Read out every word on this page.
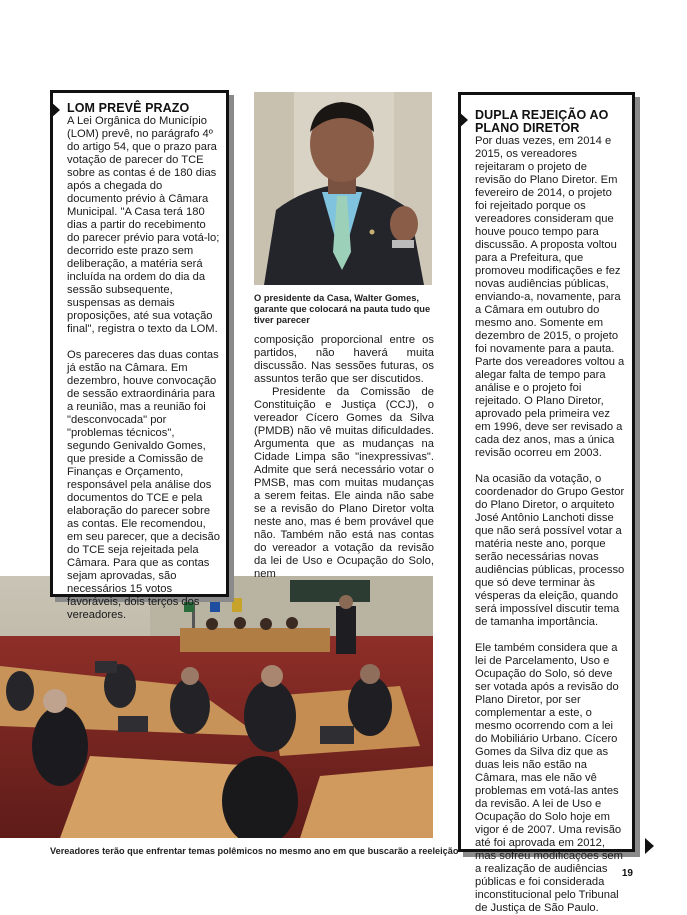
LOM PREVÊ PRAZO

A Lei Orgânica do Município (LOM) prevê, no parágrafo 4º do artigo 54, que o prazo para votação de parecer do TCE sobre as contas é de 180 dias após a chegada do documento prévio à Câmara Municipal. "A Casa terá 180 dias a partir do recebimento do parecer prévio para votá-lo; decorrido este prazo sem deliberação, a matéria será incluída na ordem do dia da sessão subsequente, suspensas as demais proposições, até sua votação final", registra o texto da LOM.

Os pareceres das duas contas já estão na Câmara. Em dezembro, houve convocação de sessão extraordinária para a reunião, mas a reunião foi "desconvocada" por "problemas técnicos", segundo Genivaldo Gomes, que preside a Comissão de Finanças e Orçamento, responsável pela análise dos documentos do TCE e pela elaboração do parecer sobre as contas. Ele recomendou, em seu parecer, que a decisão do TCE seja rejeitada pela Câmara. Para que as contas sejam aprovadas, são necessários 15 votos favoráveis, dois terços dos vereadores.

O presidente da Casa, Walter Gomes, garante que colocará na pauta tudo que tiver parecer

composição proporcional entre os partidos, não haverá muita discussão. Nas sessões futuras, os assuntos terão que ser discutidos.

Presidente da Comissão de Constituição e Justiça (CCJ), o vereador Cícero Gomes da Silva (PMDB) não vê muitas dificuldades. Argumenta que as mudanças na Cidade Limpa são "inexpressivas". Admite que será necessário votar o PMSB, mas com muitas mudanças a serem feitas. Ele ainda não sabe se a revisão do Plano Diretor volta neste ano, mas é bem provável que não. Também não está nas contas do vereador a votação da revisão da lei de Uso e Ocupação do Solo, nem

Vereadores terão que enfrentar temas polêmicos no mesmo ano em que buscarão a reeleição
DUPLA REJEIÇÃO AO PLANO DIRETOR

Por duas vezes, em 2014 e 2015, os vereadores rejeitaram o projeto de revisão do Plano Diretor. Em fevereiro de 2014, o projeto foi rejeitado porque os vereadores consideram que houve pouco tempo para discussão. A proposta voltou para a Prefeitura, que promoveu modificações e fez novas audiências públicas, enviando-a, novamente, para a Câmara em outubro do mesmo ano. Somente em dezembro de 2015, o projeto foi novamente para a pauta. Parte dos vereadores voltou a alegar falta de tempo para análise e o projeto foi rejeitado. O Plano Diretor, aprovado pela primeira vez em 1996, deve ser revisado a cada dez anos, mas a única revisão ocorreu em 2003.

Na ocasião da votação, o coordenador do Grupo Gestor do Plano Diretor, o arquiteto José Antônio Lanchoti disse que não será possível votar a matéria neste ano, porque serão necessárias novas audiências públicas, processo que só deve terminar às vésperas da eleição, quando será impossível discutir tema de tamanha importância.

Ele também considera que a lei de Parcelamento, Uso e Ocupação do Solo, só deve ser votada após a revisão do Plano Diretor, por ser complementar a este, o mesmo ocorrendo com a lei do Mobiliário Urbano. Cícero Gomes da Silva diz que as duas leis não estão na Câmara, mas ele não vê problemas em votá-las antes da revisão. A lei de Uso e Ocupação do Solo hoje em vigor é de 2007. Uma revisão até foi aprovada em 2012, mas sofreu modificações sem a realização de audiências públicas e foi considerada inconstitucional pelo Tribunal de Justiça de São Paulo.

19
